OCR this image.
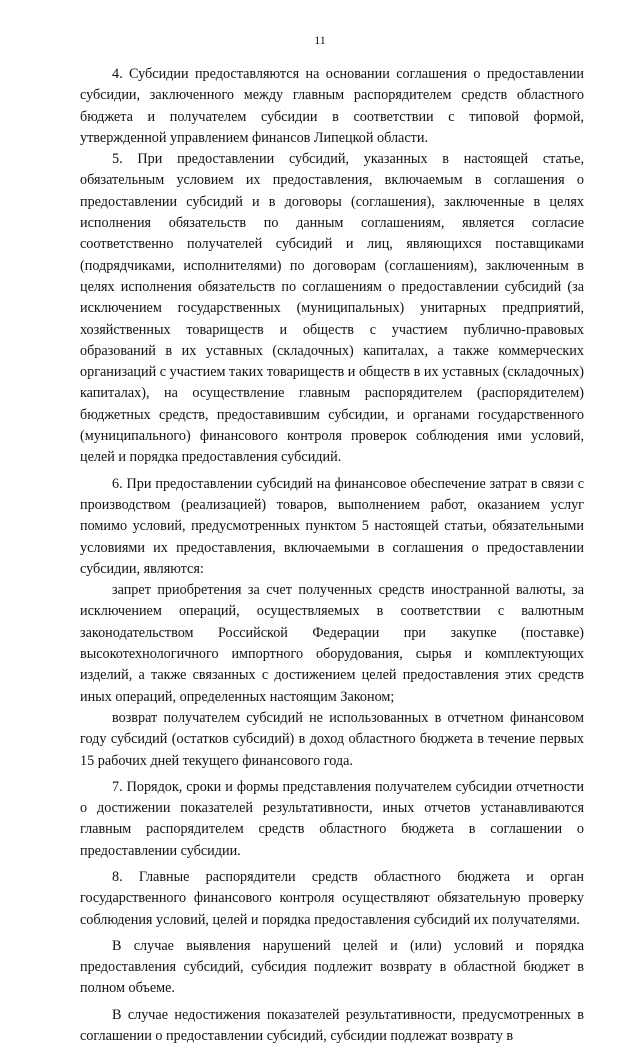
11

4. Субсидии предоставляются на основании соглашения о предоставлении субсидии, заключенного между главным распорядителем средств областного бюджета и получателем субсидии в соответствии с типовой формой, утвержденной управлением финансов Липецкой области.

5. При предоставлении субсидий, указанных в настоящей статье, обязательным условием их предоставления, включаемым в соглашения о предоставлении субсидий и в договоры (соглашения), заключенные в целях исполнения обязательств по данным соглашениям, является согласие соответственно получателей субсидий и лиц, являющихся поставщиками (подрядчиками, исполнителями) по договорам (соглашениям), заключенным в целях исполнения обязательств по соглашениям о предоставлении субсидий (за исключением государственных (муниципальных) унитарных предприятий, хозяйственных товариществ и обществ с участием публично-правовых образований в их уставных (складочных) капиталах, а также коммерческих организаций с участием таких товариществ и обществ в их уставных (складочных) капиталах), на осуществление главным распорядителем (распорядителем) бюджетных средств, предоставившим субсидии, и органами государственного (муниципального) финансового контроля проверок соблюдения ими условий, целей и порядка предоставления субсидий.

6. При предоставлении субсидий на финансовое обеспечение затрат в связи с производством (реализацией) товаров, выполнением работ, оказанием услуг помимо условий, предусмотренных пунктом 5 настоящей статьи, обязательными условиями их предоставления, включаемыми в соглашения о предоставлении субсидии, являются:

запрет приобретения за счет полученных средств иностранной валюты, за исключением операций, осуществляемых в соответствии с валютным законодательством Российской Федерации при закупке (поставке) высокотехнологичного импортного оборудования, сырья и комплектующих изделий, а также связанных с достижением целей предоставления этих средств иных операций, определенных настоящим Законом;

возврат получателем субсидий не использованных в отчетном финансовом году субсидий (остатков субсидий) в доход областного бюджета в течение первых 15 рабочих дней текущего финансового года.

7. Порядок, сроки и формы представления получателем субсидии отчетности о достижении показателей результативности, иных отчетов устанавливаются главным распорядителем средств областного бюджета в соглашении о предоставлении субсидии.

8. Главные распорядители средств областного бюджета и орган государственного финансового контроля осуществляют обязательную проверку соблюдения условий, целей и порядка предоставления субсидий их получателями.

В случае выявления нарушений целей и (или) условий и порядка предоставления субсидий, субсидия подлежит возврату в областной бюджет в полном объеме.

В случае недостижения показателей результативности, предусмотренных в соглашении о предоставлении субсидий, субсидии подлежат возврату в
